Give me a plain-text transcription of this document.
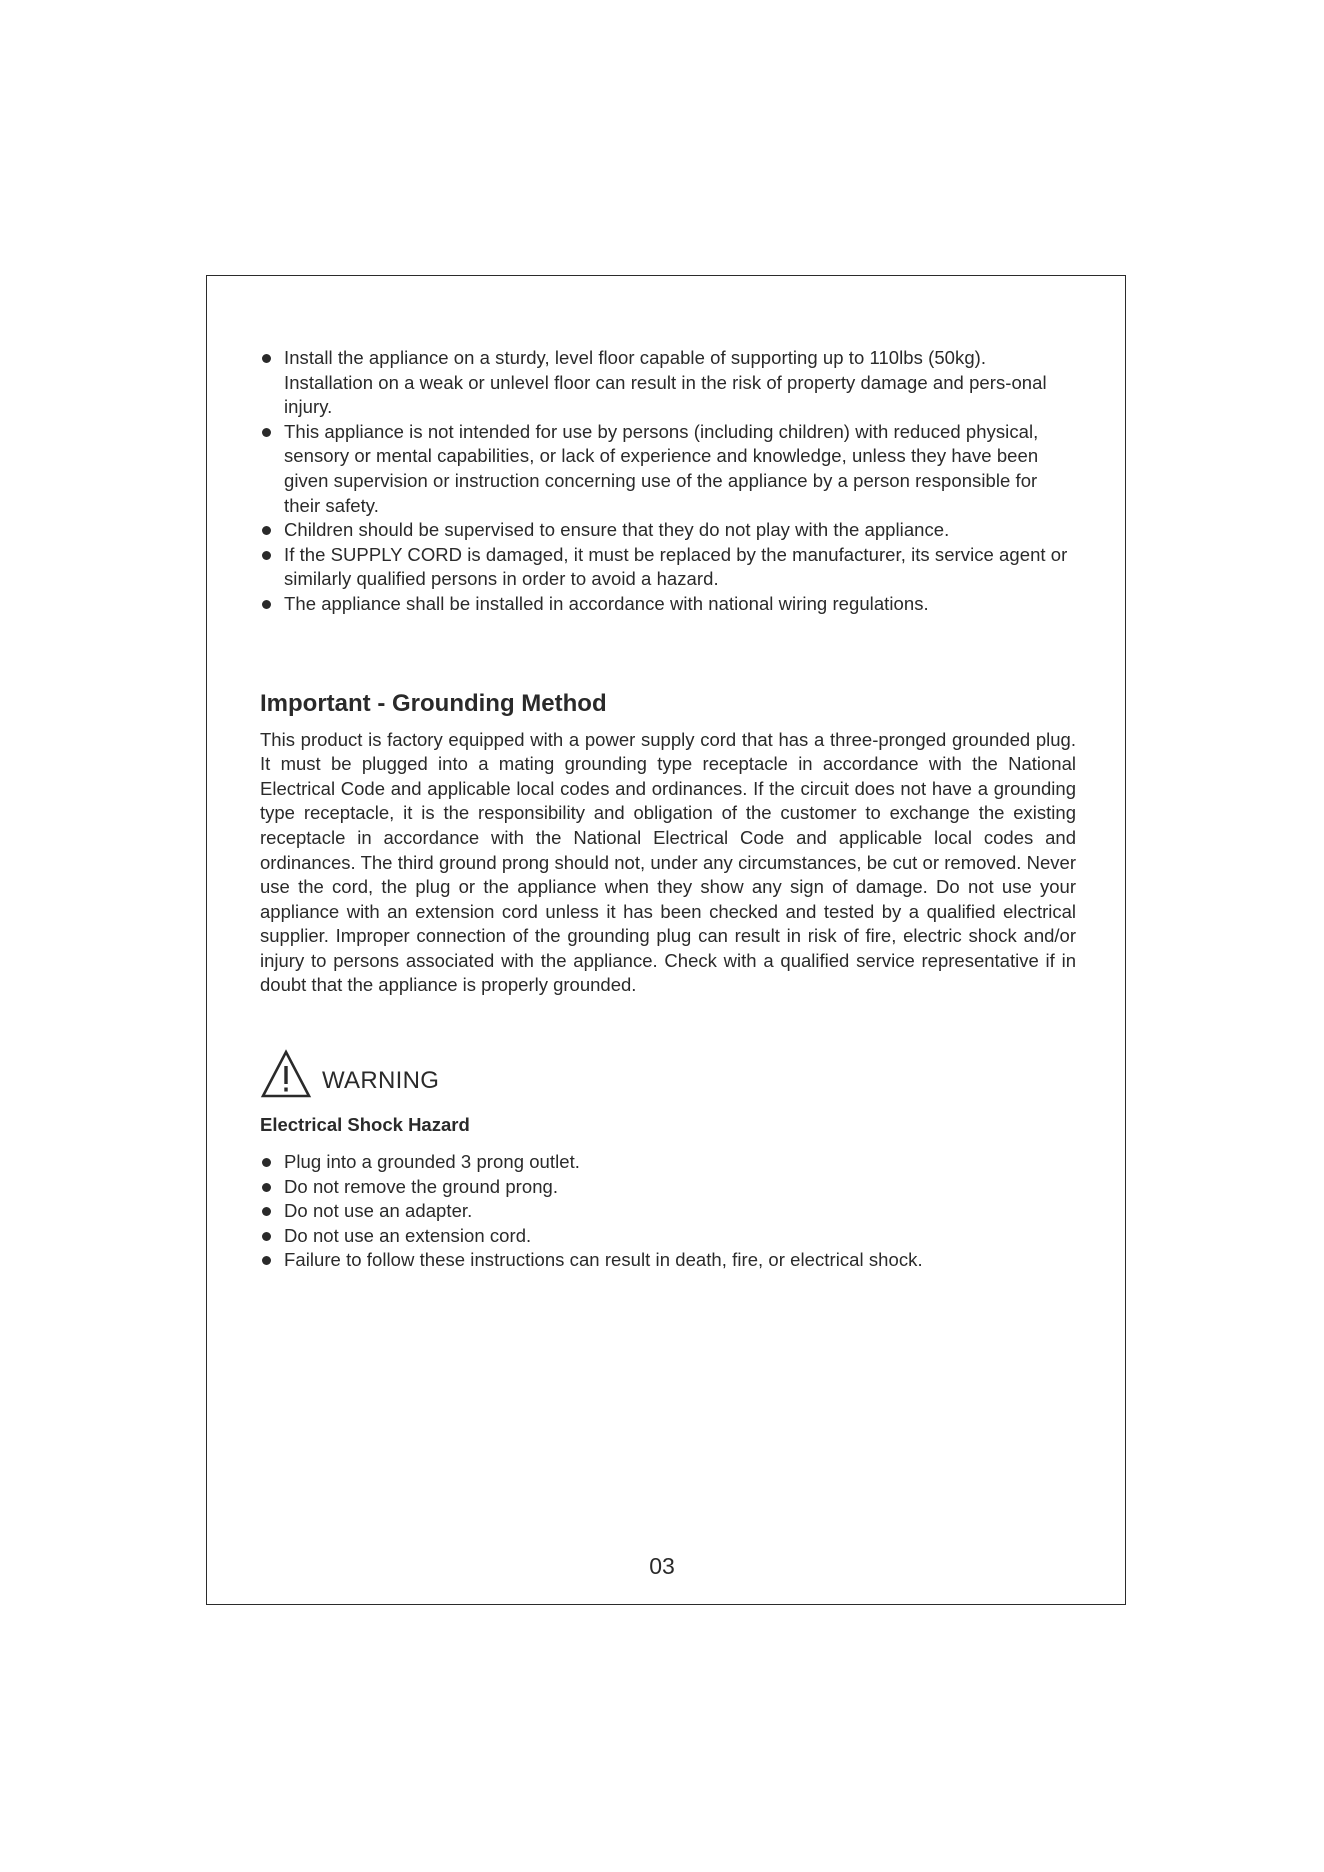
Install the appliance on a sturdy, level floor capable of supporting up to 110lbs (50kg). Installation on a weak or unlevel floor can result in the risk of property damage and pers-onal injury.
This appliance is not intended for use by persons (including children) with reduced physical, sensory or mental capabilities, or lack of experience and knowledge, unless they have been given supervision or instruction concerning use of the appliance by a person responsible for their safety.
Children should be supervised to ensure that they do not play with the appliance.
If the SUPPLY CORD is damaged, it must be replaced by the manufacturer, its service agent or similarly qualified persons in order to avoid a hazard.
The appliance shall be installed in accordance with national wiring regulations.
Important - Grounding Method

This product is factory equipped with a power supply cord that has a three-pronged grounded plug. It must be plugged into a mating grounding type receptacle in accordance with the National Electrical Code and applicable local codes and ordinances. If the circuit does not have a grounding type receptacle, it is the responsibility and obligation of the customer to exchange the existing receptacle in accordance with the National Electrical Code and applicable local codes and ordinances. The third ground prong should not, under any circumstances, be cut or removed. Never use the cord, the plug or the appliance when they show any sign of damage. Do not use your appliance with an extension cord unless it has been checked and tested by a qualified electrical supplier. Improper connection of the grounding plug can result in risk of fire, electric shock and/or injury to persons associated with the appliance. Check with a qualified service representative if in doubt that the appliance is properly grounded.

WARNING

Electrical Shock Hazard

Plug into a grounded 3 prong outlet.
Do not remove the ground prong.
Do not use an adapter.
Do not use an extension cord.
Failure to follow these instructions can result in death, fire, or electrical shock.
03
